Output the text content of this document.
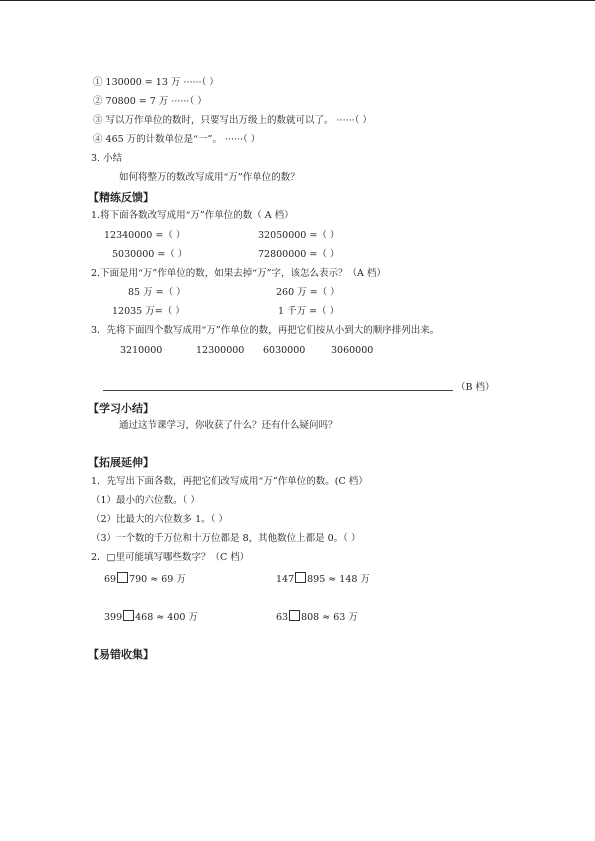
① 130000 = 13 万 ······（ ）
② 70800 = 7 万 ······（ ）
③ 写以万作单位的数时，只要写出万级上的数就可以了。 ······（ ）
④ 465 万的计数单位是“一”。 ······（ ）
3. 小结
如何将整万的数改写成用“万”作单位的数？
【精练反馈】
1.将下面各数改写成用“万”作单位的数（ A 档）
12340000 =（ ）	32050000 =（ ）
5030000 =（ ）	72800000 =（ ）
2.下面是用“万”作单位的数，如果去掉“万”字，该怎么表示？（A 档）
85 万 =（ ）	260 万 =（ ）
12035 万=（ ）	1 千万 =（ ）
3．先将下面四个数写成用“万”作单位的数，再把它们按从小到大的顺序排列出来。
3210000	12300000 6030000	3060000
（B 档）
【学习小结】
通过这节课学习，你收获了什么？还有什么疑问吗？
【拓展延伸】
1．先写出下面各数，再把它们改写成用“万”作单位的数。(C 档）
（1）最小的六位数。（ ）
（2）比最大的六位数多 1。（ ）
（3）一个数的千万位和十万位都是 8，其他数位上都是 0。（ ）
2．□里可能填写哪些数字？（C 档）
69 790 ≈ 69 万	147 895 ≈ 148 万
399 468 ≈ 400 万	63 808 ≈ 63 万
【易错收集】
